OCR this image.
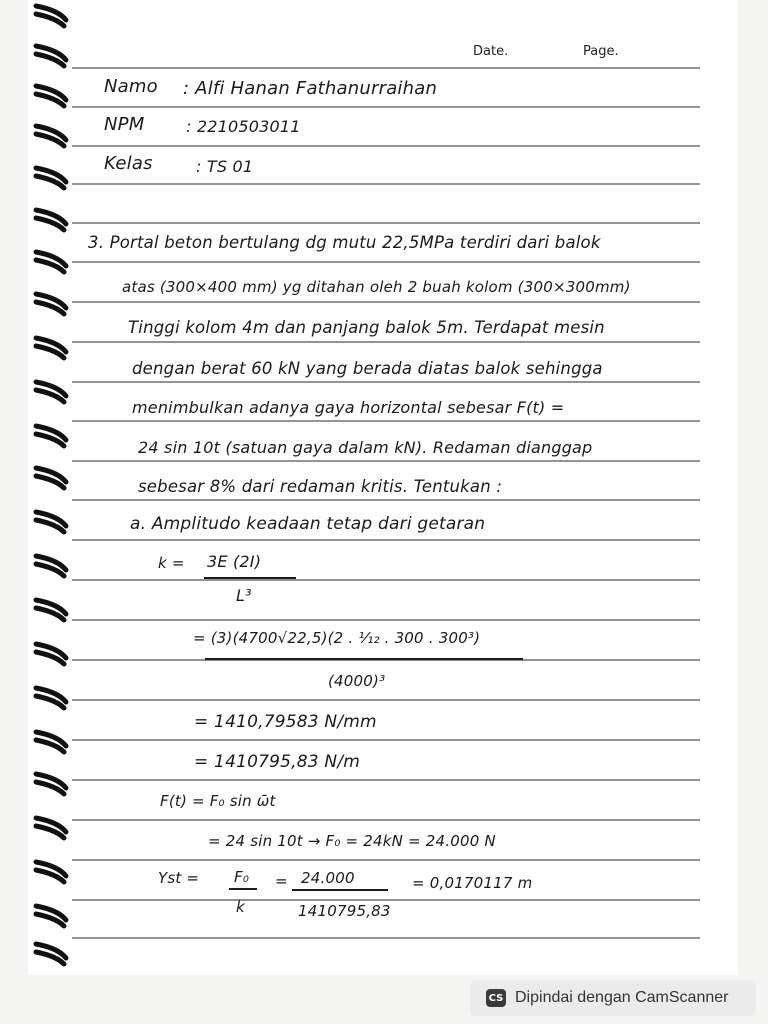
Date.	Page.
Namo : Alfi Hanan Fathanurraihan
NPM	: 2210503011
Kelas	: TS 01
3. Portal beton bertulang dg mutu 22,5MPa terdiri dari balok
atas (300×400 mm) yg ditahan oleh 2 buah kolom (300×300mm)
Tinggi kolom 4m dan panjang balok 5m. Terdapat mesin
dengan berat 60 kN yang berada diatas balok sehingga
menimbulkan adanya gaya horizontal sebesar F(t) =
24 sin 10t (satuan gaya dalam kN). Redaman dianggap
sebesar 8% dari redaman kritis. Tentukan :
a. Amplitudo keadaan tetap dari getaran
k = 3E (2I)
L³
= (3)(4700√22,5)(2 . ¹⁄₁₂ . 300 . 300³)
(4000)³
= 1410,79583 N/mm
= 1410795,83 N/m
F(t) = F₀ sin ω̄t
= 24 sin 10t → F₀ = 24kN = 24.000 N
Yst = F₀
k
= 24.000
1410795,83
= 0,0170117 m
CS Dipindai dengan CamScanner
